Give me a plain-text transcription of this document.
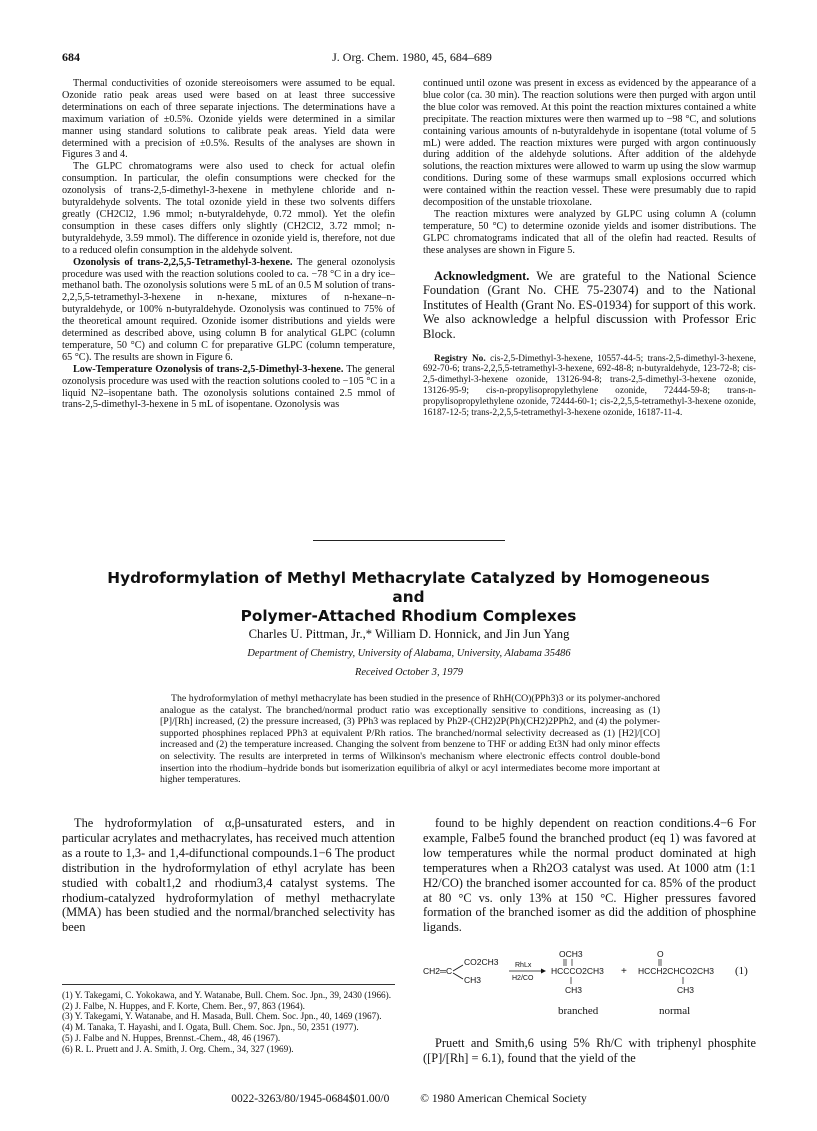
684	J. Org. Chem. 1980, 45, 684–689

Thermal conductivities of ozonide stereoisomers were assumed to be equal. Ozonide ratio peak areas used were based on at least three successive determinations on each of three separate injections. The determinations have a maximum variation of ±0.5%. Ozonide yields were determined in a similar manner using standard solutions to calibrate peak areas. Yield data were determined with a precision of ±0.5%. Results of the analyses are shown in Figures 3 and 4.

The GLPC chromatograms were also used to check for actual olefin consumption. In particular, the olefin consumptions were checked for the ozonolysis of trans-2,5-dimethyl-3-hexene in methylene chloride and n-butyraldehyde solvents. The total ozonide yield in these two solvents differs greatly (CH2Cl2, 1.96 mmol; n-butyraldehyde, 0.72 mmol). Yet the olefin consumption in these cases differs only slightly (CH2Cl2, 3.72 mmol; n-butyraldehyde, 3.59 mmol). The difference in ozonide yield is, therefore, not due to a reduced olefin consumption in the aldehyde solvent.

Ozonolysis of trans-2,2,5,5-Tetramethyl-3-hexene. The general ozonolysis procedure was used with the reaction solutions cooled to ca. −78 °C in a dry ice–methanol bath. The ozonolysis solutions were 5 mL of an 0.5 M solution of trans-2,2,5,5-tetramethyl-3-hexene in n-hexane, mixtures of n-hexane–n-butyraldehyde, or 100% n-butyraldehyde. Ozonolysis was continued to 75% of the theoretical amount required. Ozonide isomer distributions and yields were determined as described above, using column B for analytical GLPC (column temperature, 50 °C) and column C for preparative GLPC (column temperature, 65 °C). The results are shown in Figure 6.

Low-Temperature Ozonolysis of trans-2,5-Dimethyl-3-hexene. The general ozonolysis procedure was used with the reaction solutions cooled to −105 °C in a liquid N2–isopentane bath. The ozonolysis solutions contained 2.5 mmol of trans-2,5-dimethyl-3-hexene in 5 mL of isopentane. Ozonolysis was

continued until ozone was present in excess as evidenced by the appearance of a blue color (ca. 30 min). The reaction solutions were then purged with argon until the blue color was removed. At this point the reaction mixtures contained a white precipitate. The reaction mixtures were then warmed up to −98 °C, and solutions containing various amounts of n-butyraldehyde in isopentane (total volume of 5 mL) were added. The reaction mixtures were purged with argon continuously during addition of the aldehyde solutions. After addition of the aldehyde solutions, the reaction mixtures were allowed to warm up using the slow warmup conditions. During some of these warmups small explosions occurred which were contained within the reaction vessel. These were presumably due to rapid decomposition of the unstable trioxolane.

The reaction mixtures were analyzed by GLPC using column A (column temperature, 50 °C) to determine ozonide yields and isomer distributions. The GLPC chromatograms indicated that all of the olefin had reacted. Results of these analyses are shown in Figure 5.

Acknowledgment. We are grateful to the National Science Foundation (Grant No. CHE 75-23074) and to the National Institutes of Health (Grant No. ES-01934) for support of this work. We also acknowledge a helpful discussion with Professor Eric Block.

Registry No. cis-2,5-Dimethyl-3-hexene, 10557-44-5; trans-2,5-dimethyl-3-hexene, 692-70-6; trans-2,2,5,5-tetramethyl-3-hexene, 692-48-8; n-butyraldehyde, 123-72-8; cis-2,5-dimethyl-3-hexene ozonide, 13126-94-8; trans-2,5-dimethyl-3-hexene ozonide, 13126-95-9; cis-n-propylisopropylethylene ozonide, 72444-59-8; trans-n-propylisopropylethylene ozonide, 72444-60-1; cis-2,2,5,5-tetramethyl-3-hexene ozonide, 16187-12-5; trans-2,2,5,5-tetramethyl-3-hexene ozonide, 16187-11-4.

Hydroformylation of Methyl Methacrylate Catalyzed by Homogeneous and
Polymer-Attached Rhodium Complexes
Charles U. Pittman, Jr.,* William D. Honnick, and Jin Jun Yang
Department of Chemistry, University of Alabama, University, Alabama 35486
Received October 3, 1979
The hydroformylation of methyl methacrylate has been studied in the presence of RhH(CO)(PPh3)3 or its polymer-anchored analogue as the catalyst. The branched/normal product ratio was exceptionally sensitive to conditions, increasing as (1) [P]/[Rh] increased, (2) the pressure increased, (3) PPh3 was replaced by Ph2P-(CH2)2P(Ph)(CH2)2PPh2, and (4) the polymer-supported phosphines replaced PPh3 at equivalent P/Rh ratios. The branched/normal selectivity decreased as (1) [H2]/[CO] increased and (2) the temperature increased. Changing the solvent from benzene to THF or adding Et3N had only minor effects on selectivity. The results are interpreted in terms of Wilkinson's mechanism where electronic effects control double-bond insertion into the rhodium–hydride bonds but isomerization equilibria of alkyl or acyl intermediates become more important at higher temperatures.
The hydroformylation of α,β-unsaturated esters, and in particular acrylates and methacrylates, has received much attention as a route to 1,3- and 1,4-difunctional compounds.1−6 The product distribution in the hydroformylation of ethyl acrylate has been studied with cobalt1,2 and rhodium3,4 catalyst systems. The rhodium-catalyzed hydroformylation of methyl methacrylate (MMA) has been studied and the normal/branched selectivity has been
found to be highly dependent on reaction conditions.4−6 For example, Falbe5 found the branched product (eq 1) was favored at low temperatures while the normal product dominated at high temperatures when a Rh2O3 catalyst was used. At 1000 atm (1:1 H2/CO) the branched isomer accounted for ca. 85% of the product at 80 °C vs. only 13% at 150 °C. Higher pressures favored formation of the branched isomer as did the addition of phosphine ligands.
(1) Y. Takegami, C. Yokokawa, and Y. Watanabe, Bull. Chem. Soc. Jpn., 39, 2430 (1966).
(2) J. Falbe, N. Huppes, and F. Korte, Chem. Ber., 97, 863 (1964).
(3) Y. Takegami, Y. Watanabe, and H. Masada, Bull. Chem. Soc. Jpn., 40, 1469 (1967).
(4) M. Tanaka, T. Hayashi, and I. Ogata, Bull. Chem. Soc. Jpn., 50, 2351 (1977).
(5) J. Falbe and N. Huppes, Brennst.-Chem., 48, 46 (1967).
(6) R. L. Pruett and J. A. Smith, J. Org. Chem., 34, 327 (1969).
CH2═C
CO2CH3
CH3
RhLx
H2/CO
OCH3
HCCCO2CH3
CH3
+
O
HCCH2CHCO2CH3
CH3
(1)
branched	normal
Pruett and Smith,6 using 5% Rh/C with triphenyl phosphite ([P]/[Rh] = 6.1), found that the yield of the
0022-3263/80/1945-0684$01.00/0	© 1980 American Chemical Society
